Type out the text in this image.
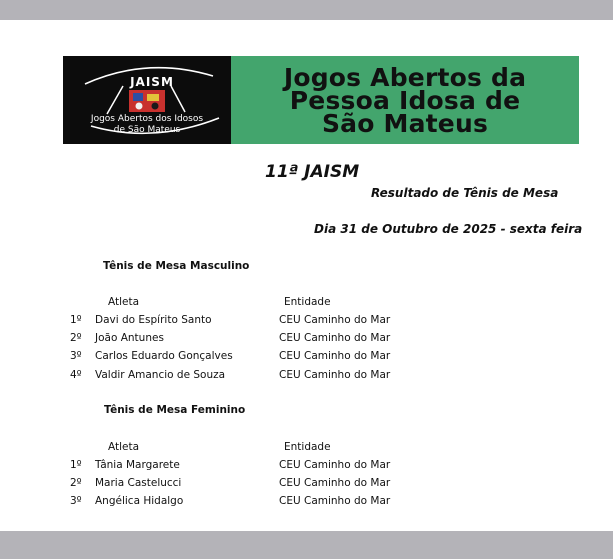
JAISM
Jogos Abertos dos Idosos
de São Mateus
Jogos Abertos da
Pessoa Idosa de
São Mateus
11ª JAISM
Resultado de Tênis de Mesa
Dia 31 de Outubro de 2025 - sexta feira
Tênis de Mesa Masculino
Atleta	Entidade
1º Davi do Espírito Santo	CEU Caminho do Mar
2º João Antunes	CEU Caminho do Mar
3º Carlos Eduardo Gonçalves	CEU Caminho do Mar
4º Valdir Amancio de Souza	CEU Caminho do Mar
Tênis de Mesa Feminino
Atleta	Entidade
1º Tânia Margarete	CEU Caminho do Mar
2º Maria Castelucci	CEU Caminho do Mar
3º Angélica Hidalgo	CEU Caminho do Mar
